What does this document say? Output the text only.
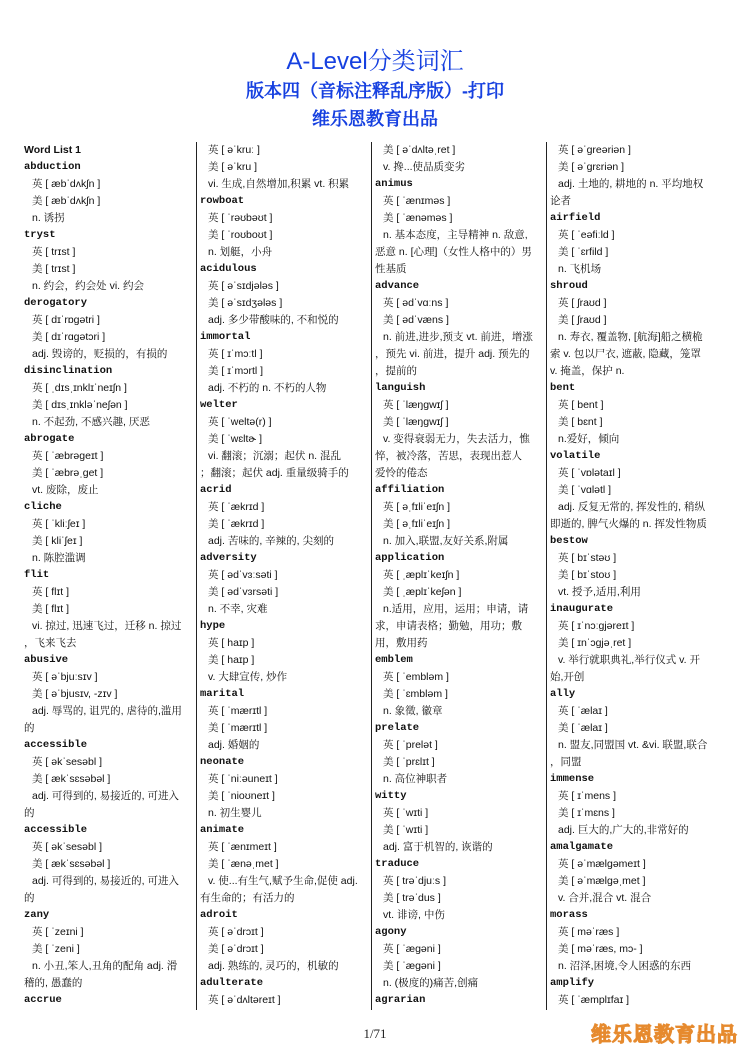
A-Level分类词汇
版本四（音标注释乱序版）-打印
维乐恩教育出品
Word List 1
abduction
英 [ æbˈdʌkʃn ]
美 [ æbˈdʌkʃn ]
n. 诱拐
tryst
英 [ trɪst ]
美 [ trɪst ]
n. 约会，约会处 vi. 约会
derogatory
英 [ dɪˈrɒgətri ]
美 [ dɪˈrɑgətɔri ]
adj. 毁谤的，贬损的，有损的
disinclination
英 [ ˌdɪsˌɪnklɪˈneɪʃn ]
美 [ dɪsˌɪnkləˈneʃən ]
n. 不起劲, 不感兴趣, 厌恶
abrogate
英 [ ˈæbrəgeɪt ]
美 [ ˈæbrəˌget ]
vt. 废除，废止
cliche
英 [ ˈkliːʃeɪ ]
美 [ kliˈʃeɪ ]
n. 陈腔滥调
flit
英 [ flɪt ]
美 [ flɪt ]
vi. 掠过, 迅速飞过，迁移 n. 掠过
，飞来飞去
abusive
英 [ əˈbjuːsɪv ]
美 [ əˈbjusɪv, -zɪv ]
adj. 辱骂的, 诅咒的, 虐待的,滥用
的
accessible
英 [ əkˈsesəbl ]
美 [ ækˈsɛsəbəl ]
adj. 可得到的, 易接近的, 可进入
的
accessible
英 [ əkˈsesəbl ]
美 [ ækˈsɛsəbəl ]
adj. 可得到的, 易接近的, 可进入
的
zany
英 [ ˈzeɪni ]
美 [ ˈzeni ]
n. 小丑,笨人,丑角的配角 adj. 滑
稽的, 愚蠢的
accrue
英 [ əˈkruː ]
美 [ əˈkru ]
vi. 生成,自然增加,积累 vt. 积累
rowboat
英 [ ˈrəʊbəʊt ]
美 [ ˈroʊboʊt ]
n. 划艇，小舟
acidulous
英 [ əˈsɪdjələs ]
美 [ əˈsɪdʒələs ]
adj. 多少带酸味的, 不和悦的
immortal
英 [ ɪˈmɔːtl ]
美 [ ɪˈmɔrtl ]
adj. 不朽的 n. 不朽的人物
welter
英 [ ˈweltə(r) ]
美 [ ˈwɛltɚ ]
vi. 翻滚；沉溺；起伏 n. 混乱
；翻滚；起伏 adj. 重量级骑手的
acrid
英 [ ˈækrɪd ]
美 [ ˈækrɪd ]
adj. 苦味的, 辛辣的, 尖刻的
adversity
英 [ ədˈvɜːsəti ]
美 [ ədˈvɜrsəti ]
n. 不幸, 灾难
hype
英 [ haɪp ]
美 [ haɪp ]
v. 大肆宣传, 炒作
marital
英 [ ˈmærɪtl ]
美 [ ˈmærɪtl ]
adj. 婚姻的
neonate
英 [ ˈniːəuneɪt ]
美 [ ˈnioʊneɪt ]
n. 初生婴儿
animate
英 [ ˈænɪmeɪt ]
美 [ ˈænəˌmet ]
v. 使...有生气,赋予生命,促使 adj.
有生命的；有活力的
adroit
英 [ əˈdrɔɪt ]
美 [ əˈdrɔɪt ]
adj. 熟练的, 灵巧的，机敏的
adulterate
英 [ əˈdʌltəreɪt ]
美 [ əˈdʌltəˌret ]
v. 搀...使品质变劣
animus
英 [ ˈænɪməs ]
美 [ ˈænəməs ]
n. 基本态度，主导精神 n. 敌意,
恶意 n. [心理]（女性人格中的）男
性基质
advance
英 [ ədˈvɑːns ]
美 [ ədˈvæns ]
n. 前进,进步,预支 vt. 前进，增涨
，预先 vi. 前进，提升 adj. 预先的
，提前的
languish
英 [ ˈlæŋgwɪʃ ]
美 [ ˈlæŋgwɪʃ ]
v. 变得衰弱无力，失去活力，憔
悴，被冷落，苦思，表现出惹人
爱怜的倦态
affiliation
英 [ əˌfɪliˈeɪʃn ]
美 [ əˌfɪliˈeɪʃn ]
n. 加入,联盟,友好关系,附属
application
英 [ ˌæplɪˈkeɪʃn ]
美 [ ˌæplɪˈkeʃən ]
n.适用，应用，运用；申请，请
求，申请表格；勤勉，用功；敷
用，敷用药
emblem
英 [ ˈembləm ]
美 [ ˈɛmbləm ]
n. 象徵, 徽章
prelate
英 [ ˈprelət ]
美 [ ˈprɛlɪt ]
n. 高位神职者
witty
英 [ ˈwɪti ]
美 [ ˈwɪti ]
adj. 富于机智的, 诙谐的
traduce
英 [ trəˈdjuːs ]
美 [ trəˈdus ]
vt. 诽谤, 中伤
agony
英 [ ˈægəni ]
美 [ ˈægəni ]
n. (极度的)痛苦,创痛
agrarian
英 [ əˈgreəriən ]
美 [ əˈgrɛriən ]
adj. 土地的, 耕地的 n. 平均地权
论者
airfield
英 [ ˈeəfiːld ]
美 [ ˈɛrfild ]
n. 飞机场
shroud
英 [ ʃraʊd ]
美 [ ʃraʊd ]
n. 寿衣, 覆盖物, [航海]船之横桅
索 v. 包以尸衣, 遮蔽, 隐藏，笼罩
v. 掩盖，保护 n.
bent
英 [ bent ]
美 [ bɛnt ]
n.爱好，倾向
volatile
英 [ ˈvɒlətaɪl ]
美 [ ˈvɑlətl ]
adj. 反复无常的, 挥发性的, 稍纵
即逝的, 脾气火爆的 n. 挥发性物质
bestow
英 [ bɪˈstəʊ ]
美 [ bɪˈstoʊ ]
vt. 授予,适用,利用
inaugurate
英 [ ɪˈnɔːgjəreɪt ]
美 [ ɪnˈɔgjəˌret ]
v. 举行就职典礼,举行仪式 v. 开
始,开创
ally
英 [ ˈælaɪ ]
美 [ ˈælaɪ ]
n. 盟友,同盟国 vt. &vi. 联盟,联合
，同盟
immense
英 [ ɪˈmens ]
美 [ ɪˈmɛns ]
adj. 巨大的,广大的,非常好的
amalgamate
英 [ əˈmælgəmeɪt ]
美 [ əˈmælgəˌmet ]
v. 合并,混合 vt. 混合
morass
英 [ məˈræs ]
美 [ məˈræs, mɔ- ]
n. 沼泽,困境,令人困惑的东西
amplify
英 [ ˈæmplɪfaɪ ]
1/71	维乐恩教育出品
